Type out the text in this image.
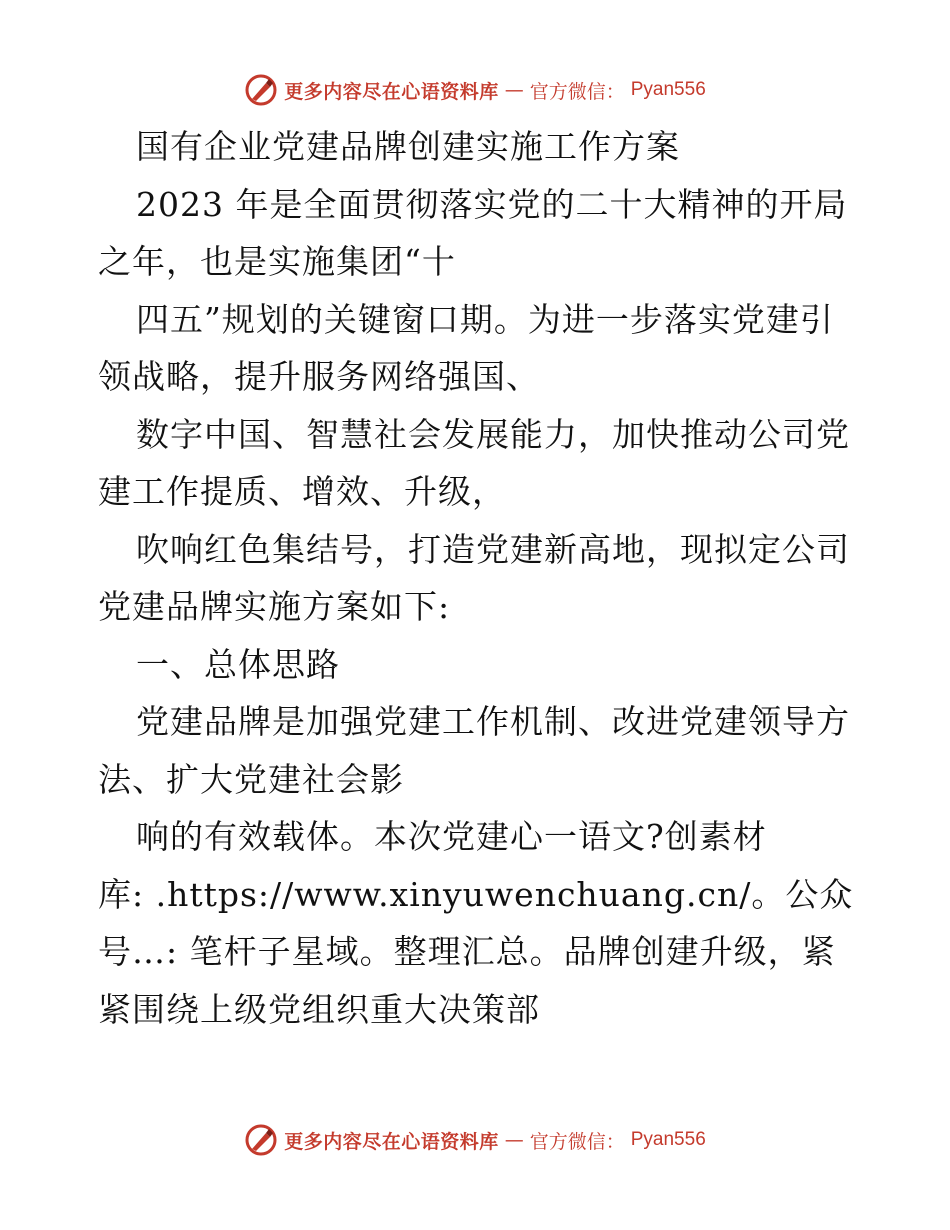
更多内容尽在心语资料库 — 官方微信： Pyan556
国有企业党建品牌创建实施工作方案
2023 年是全面贯彻落实党的二十大精神的开局
之年，也是实施集团“十
四五”规划的关键窗口期。为进一步落实党建引
领战略，提升服务网络强国、
数字中国、智慧社会发展能力，加快推动公司党
建工作提质、增效、升级，
吹响红色集结号，打造党建新高地，现拟定公司
党建品牌实施方案如下:
一、总体思路
党建品牌是加强党建工作机制、改进党建领导方
法、扩大党建社会影
响的有效载体。本次党建心一语文?创素材
库: .https://www.xinyuwenchuang.cn/。公众
号…: 笔杆子星域。整理汇总。品牌创建升级，紧
紧围绕上级党组织重大决策部
更多内容尽在心语资料库 — 官方微信： Pyan556
